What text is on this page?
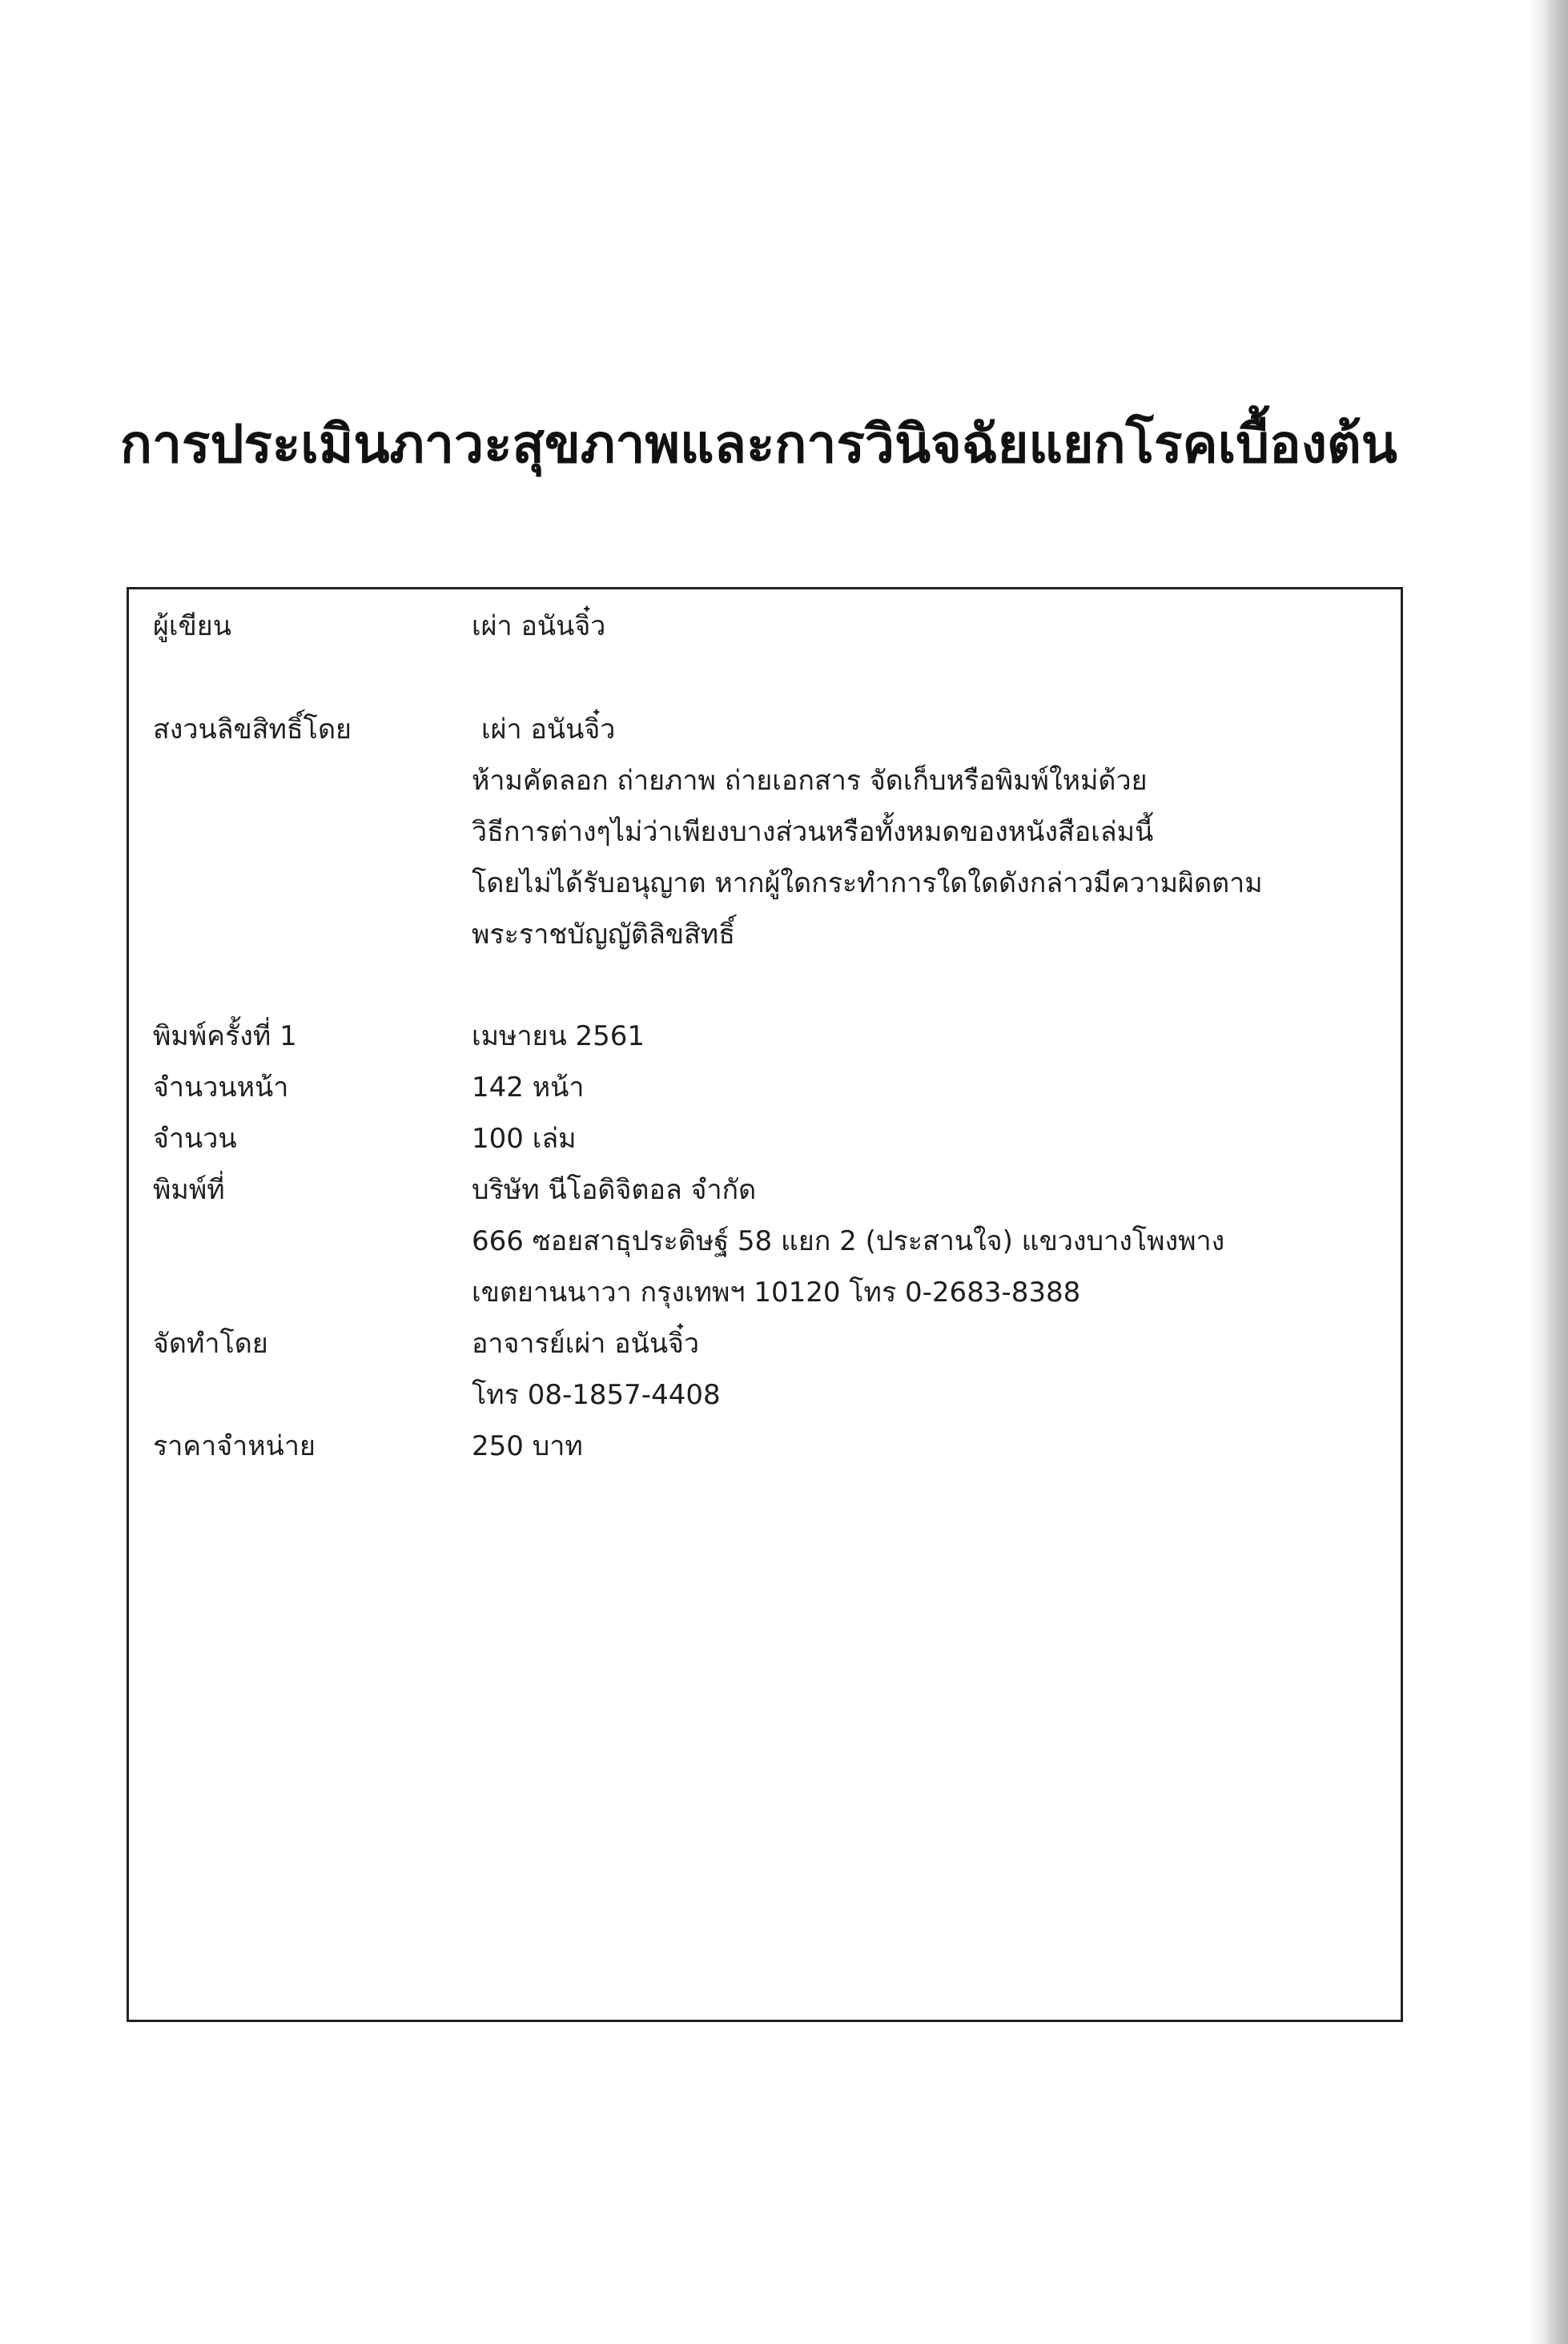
การประเมินภาวะสุขภาพและการวินิจฉัยแยกโรคเบื้องต้น
ผู้เขียน	เผ่า อนันจิ๋ว
สงวนลิขสิทธิ์โดย	เผ่า อนันจิ๋ว
ห้ามคัดลอก ถ่ายภาพ ถ่ายเอกสาร จัดเก็บหรือพิมพ์ใหม่ด้วย
วิธีการต่างๆไม่ว่าเพียงบางส่วนหรือทั้งหมดของหนังสือเล่มนี้
โดยไม่ได้รับอนุญาต หากผู้ใดกระทำการใดใดดังกล่าวมีความผิดตาม
พระราชบัญญัติลิขสิทธิ์
พิมพ์ครั้งที่ 1	เมษายน 2561
จำนวนหน้า	142 หน้า
จำนวน	100 เล่ม
พิมพ์ที่	บริษัท นีโอดิจิตอล จำกัด
666 ซอยสาธุประดิษฐ์ 58 แยก 2 (ประสานใจ) แขวงบางโพงพาง
เขตยานนาวา กรุงเทพฯ 10120 โทร 0-2683-8388
จัดทำโดย	อาจารย์เผ่า อนันจิ๋ว
โทร 08-1857-4408
ราคาจำหน่าย	250 บาท
